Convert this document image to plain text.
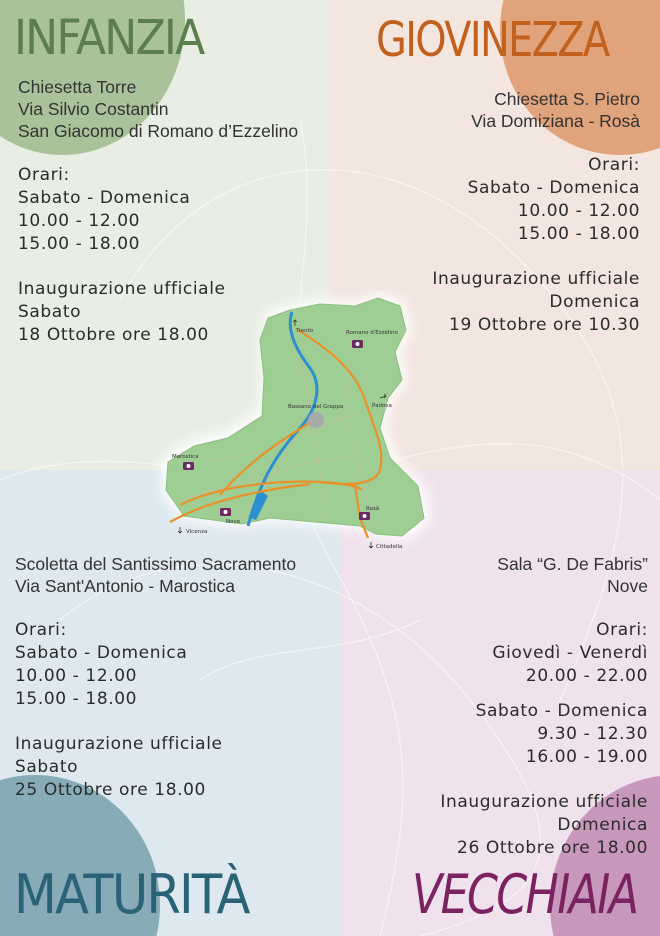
INFANZIA	GIOVINEZZA
MATURITÀ	VECCHIAIA

Chiesetta Torre

Via Silvio Costantin

San Giacomo di Romano d’Ezzelino

Orari:

Sabato - Domenica

10.00 - 12.00

15.00 - 18.00

Inaugurazione ufficiale

Sabato

18 Ottobre ore 18.00

Chiesetta S. Pietro

Via Domiziana - Rosà

Orari:

Sabato - Domenica

10.00 - 12.00

15.00 - 18.00

Inaugurazione ufficiale

Domenica

19 Ottobre ore 10.30

Scoletta del Santissimo Sacramento

Via Sant'Antonio - Marostica

Orari:

Sabato - Domenica

10.00 - 12.00

15.00 - 18.00

Inaugurazione ufficiale

Sabato

25 Ottobre ore 18.00

Sala “G. De Fabris”

Nove

Orari:

Giovedì - Venerdì

20.00 - 22.00

Sabato - Domenica

9.30 - 12.30

16.00 - 19.00

Inaugurazione ufficiale

Domenica

26 Ottobre ore 18.00

Trento	Romano d'Ezzelino
Bassano del Grappa	Padova
Marostica
Nove
Vicenza
Rosà
Cittadella
